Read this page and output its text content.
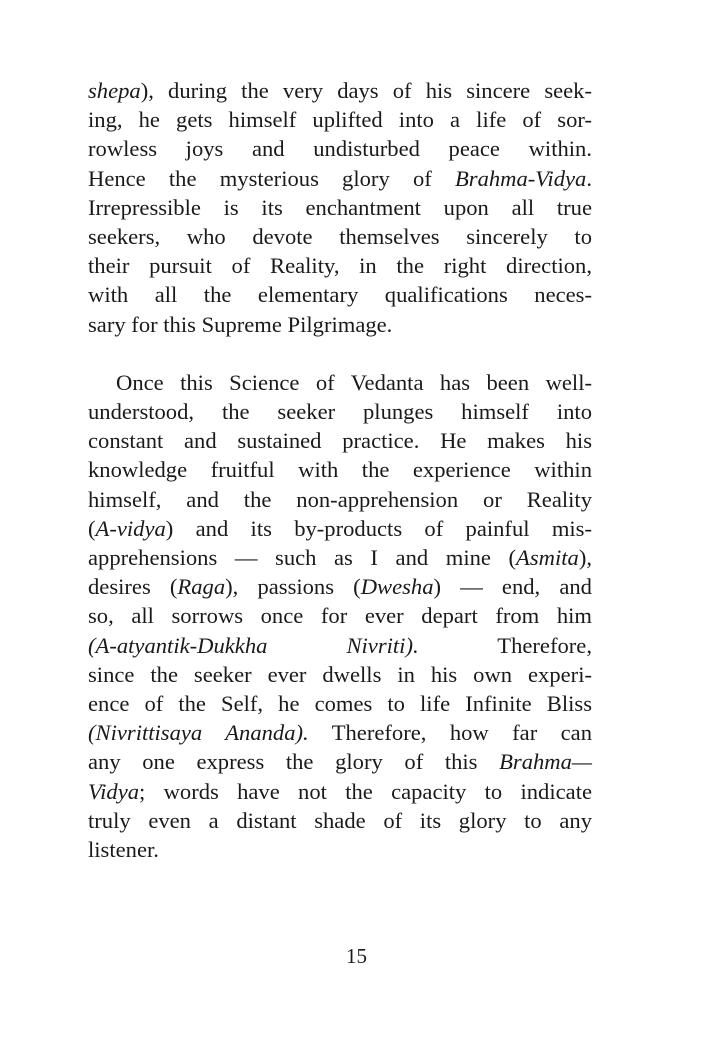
shepa), during the very days of his sincere seek-
ing, he gets himself uplifted into a life of sor-
rowless joys and undisturbed peace within.
Hence the mysterious glory of Brahma-Vidya.
Irrepressible is its enchantment upon all true
seekers, who devote themselves sincerely to
their pursuit of Reality, in the right direction,
with all the elementary qualifications neces-
sary for this Supreme Pilgrimage.
Once this Science of Vedanta has been well-
understood, the seeker plunges himself into
constant and sustained practice. He makes his
knowledge fruitful with the experience within
himself, and the non-apprehension or Reality
(A-vidya) and its by-products of painful mis-
apprehensions — such as I and mine (Asmita),
desires (Raga), passions (Dwesha) — end, and
so, all sorrows once for ever depart from him
(A-atyantik-Dukkha Nivriti). Therefore,
since the seeker ever dwells in his own experi-
ence of the Self, he comes to life Infinite Bliss
(Nivrittisaya Ananda). Therefore, how far can
any one express the glory of this Brahma—
Vidya; words have not the capacity to indicate
truly even a distant shade of its glory to any
listener.
15
